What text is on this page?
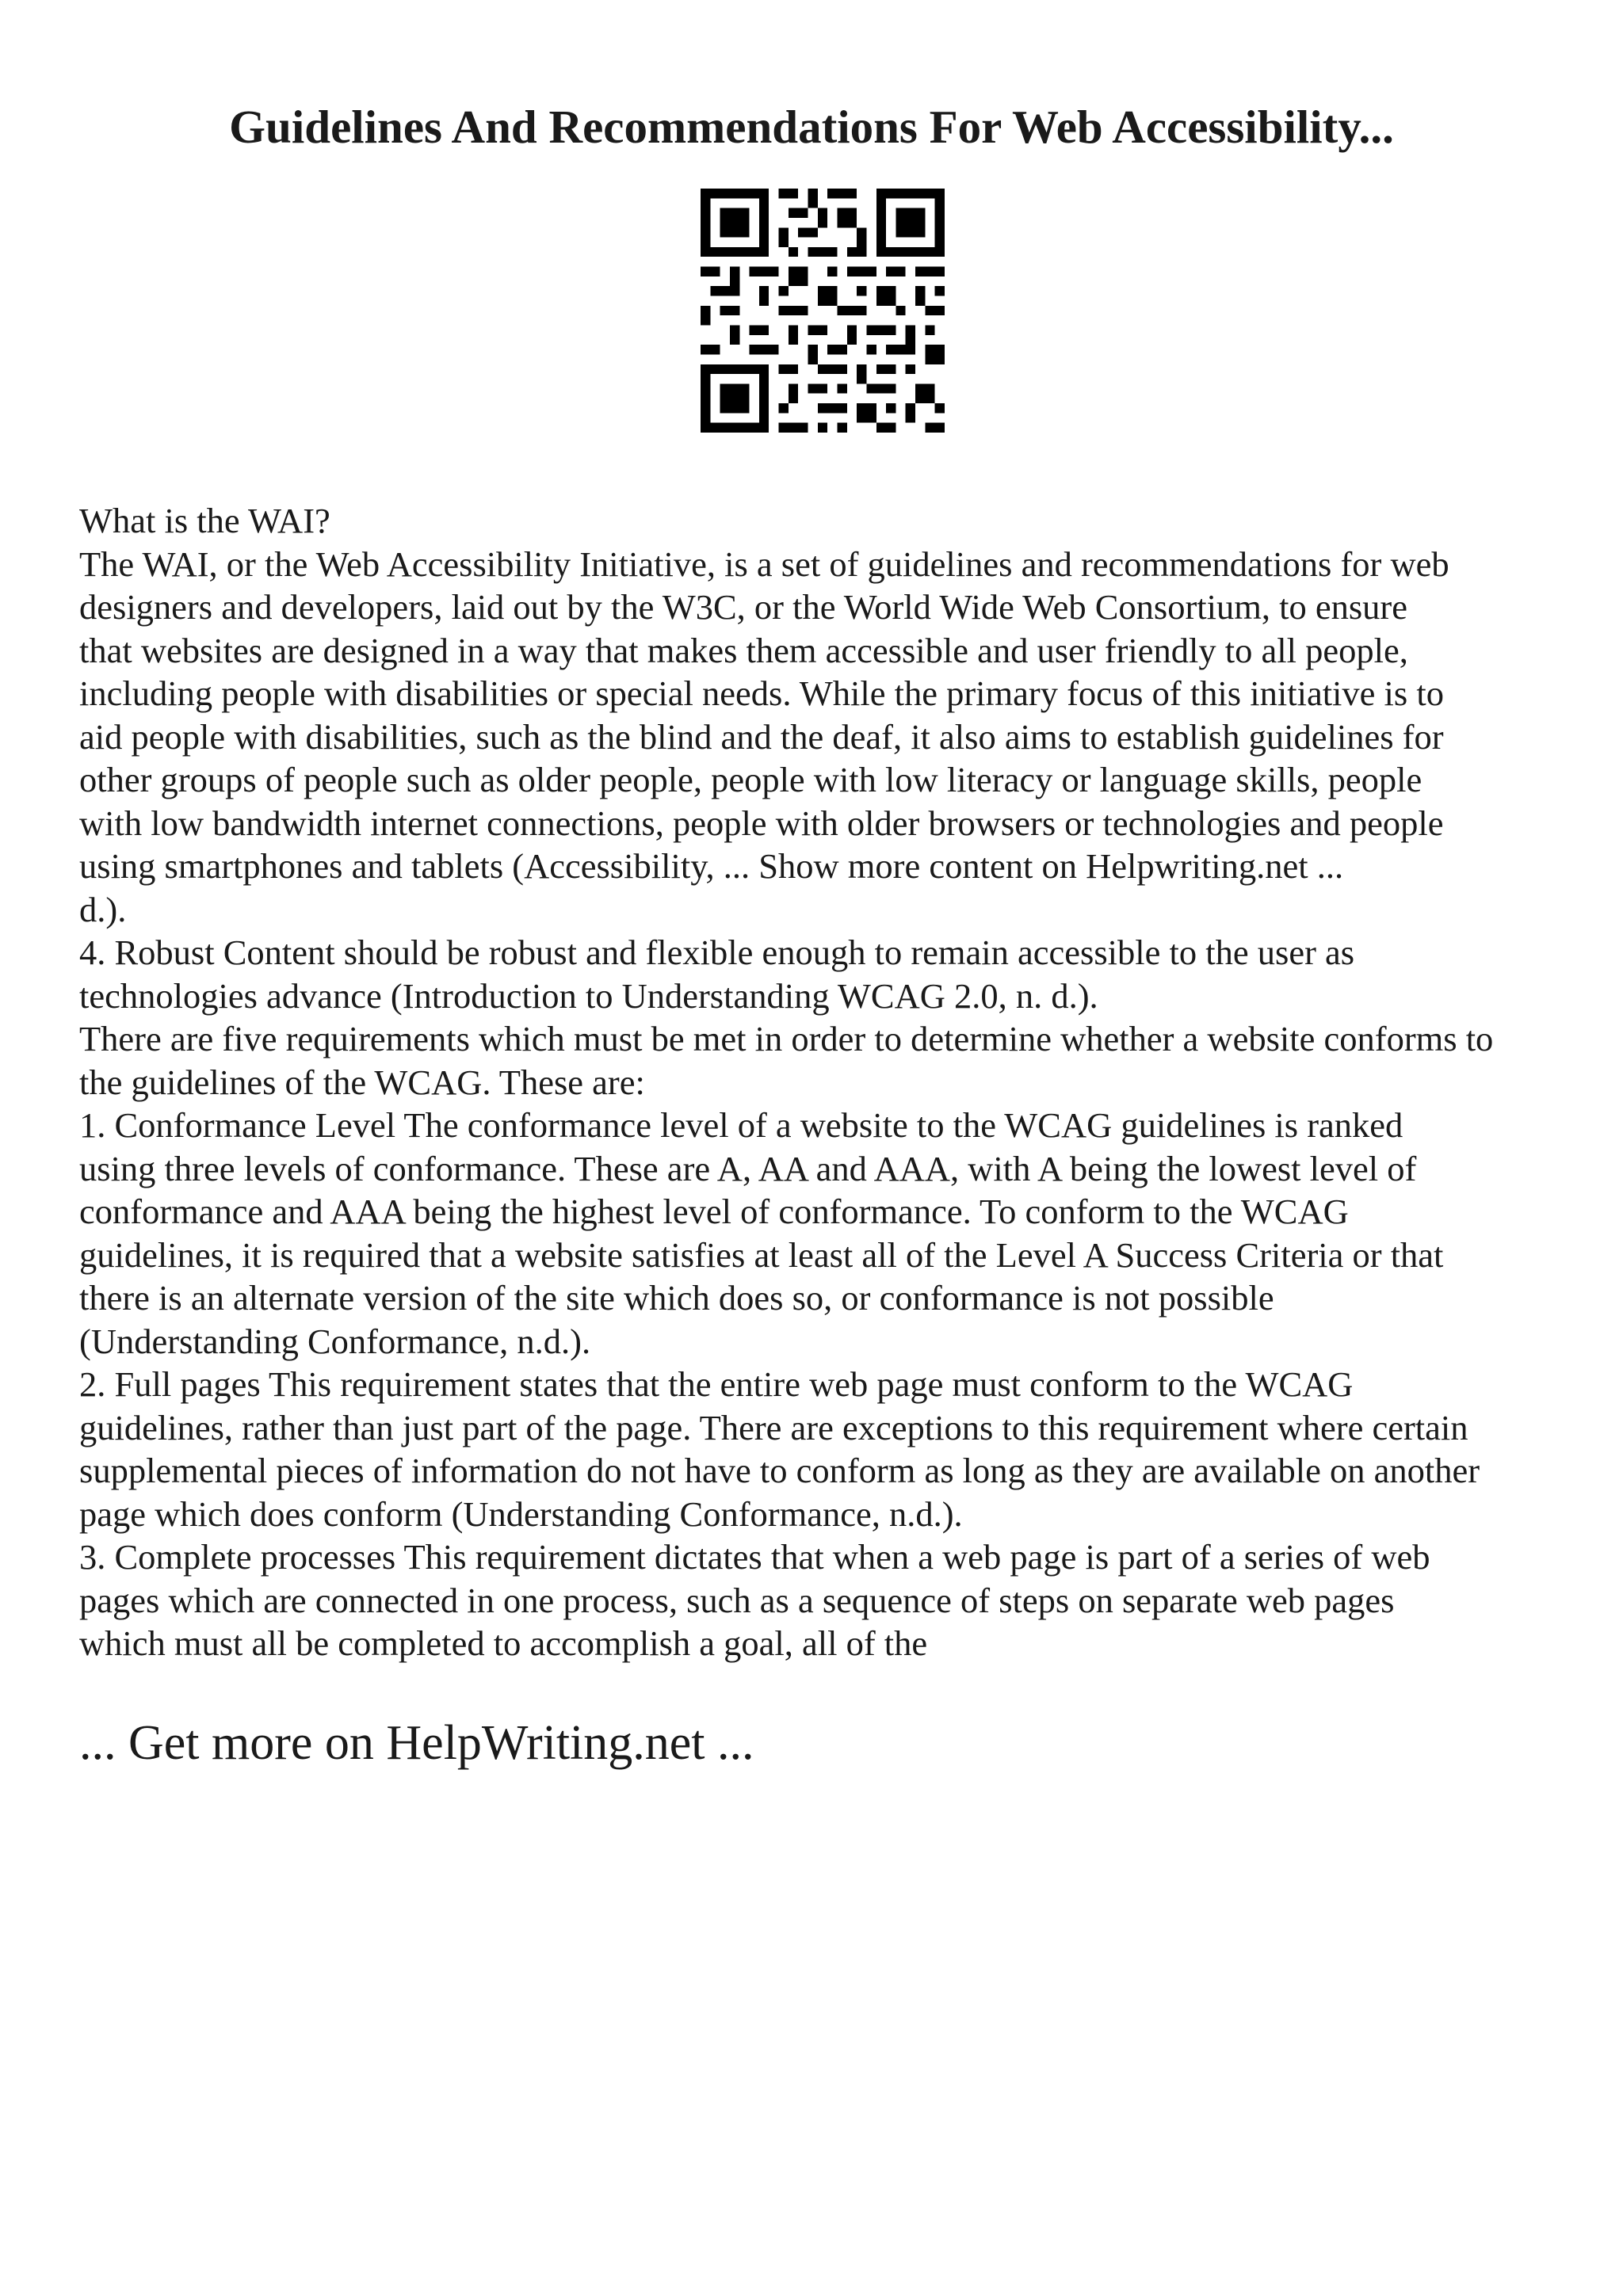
Guidelines And Recommendations For Web Accessibility...
What is the WAI?
The WAI, or the Web Accessibility Initiative, is a set of guidelines and recommendations for web
designers and developers, laid out by the W3C, or the World Wide Web Consortium, to ensure
that websites are designed in a way that makes them accessible and user friendly to all people,
including people with disabilities or special needs. While the primary focus of this initiative is to
aid people with disabilities, such as the blind and the deaf, it also aims to establish guidelines for
other groups of people such as older people, people with low literacy or language skills, people
with low bandwidth internet connections, people with older browsers or technologies and people
using smartphones and tablets (Accessibility, ... Show more content on Helpwriting.net ...
d.).
4. Robust Content should be robust and flexible enough to remain accessible to the user as
technologies advance (Introduction to Understanding WCAG 2.0, n. d.).
There are five requirements which must be met in order to determine whether a website conforms to
the guidelines of the WCAG. These are:
1. Conformance Level The conformance level of a website to the WCAG guidelines is ranked
using three levels of conformance. These are A, AA and AAA, with A being the lowest level of
conformance and AAA being the highest level of conformance. To conform to the WCAG
guidelines, it is required that a website satisfies at least all of the Level A Success Criteria or that
there is an alternate version of the site which does so, or conformance is not possible
(Understanding Conformance, n.d.).
2. Full pages This requirement states that the entire web page must conform to the WCAG
guidelines, rather than just part of the page. There are exceptions to this requirement where certain
supplemental pieces of information do not have to conform as long as they are available on another
page which does conform (Understanding Conformance, n.d.).
3. Complete processes This requirement dictates that when a web page is part of a series of web
pages which are connected in one process, such as a sequence of steps on separate web pages
which must all be completed to accomplish a goal, all of the

... Get more on HelpWriting.net ...
